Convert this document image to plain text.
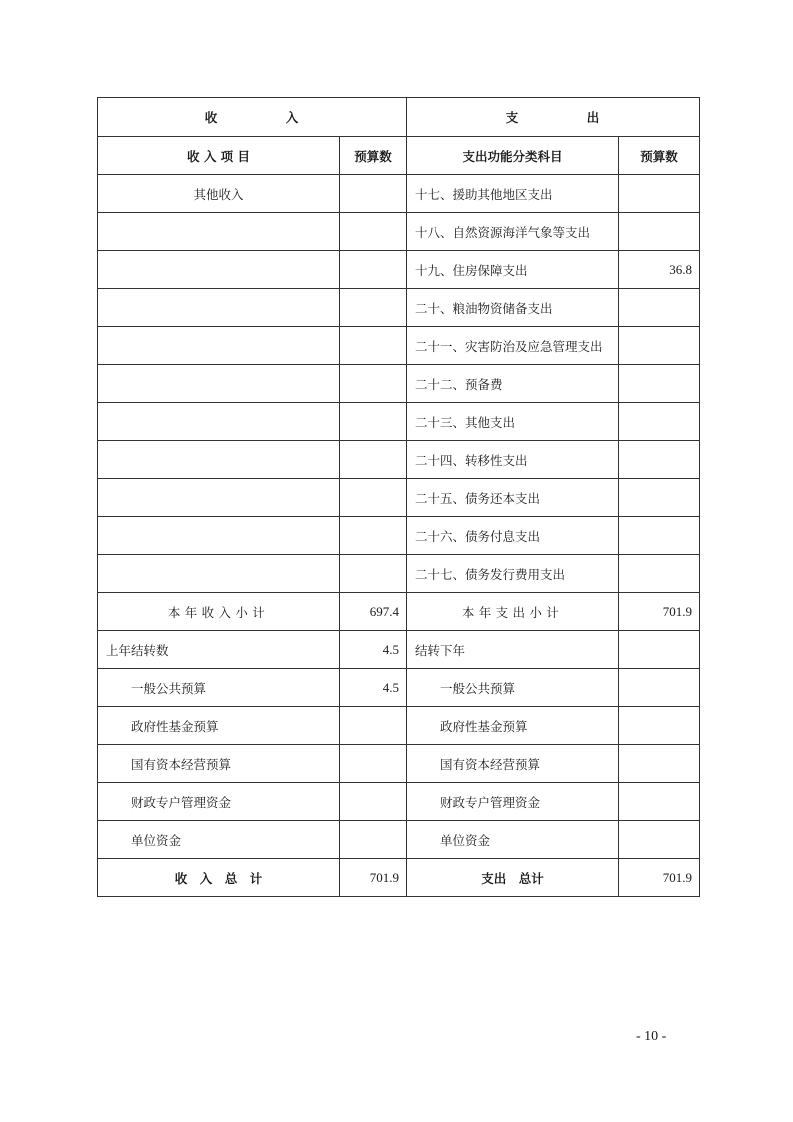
收　　　　　入		支　　　　　出	
收 入 项 目	预算数	支出功能分类科目	预算数
其他收入		十七、援助其他地区支出	
		十八、自然资源海洋气象等支出	
		十九、住房保障支出	36.8
		二十、粮油物资储备支出	
		二十一、灾害防治及应急管理支出	
		二十二、预备费	
		二十三、其他支出	
		二十四、转移性支出	
		二十五、债务还本支出	
		二十六、债务付息支出	
		二十七、债务发行费用支出	
本年收入小计	697.4	本年支出小计	701.9
上年结转数	4.5	结转下年	
一般公共预算	4.5	一般公共预算	
政府性基金预算		政府性基金预算	
国有资本经营预算		国有资本经营预算	
财政专户管理资金		财政专户管理资金	
单位资金		单位资金	
收　入　总　计	701.9	支出　总计	701.9
- 10 -
